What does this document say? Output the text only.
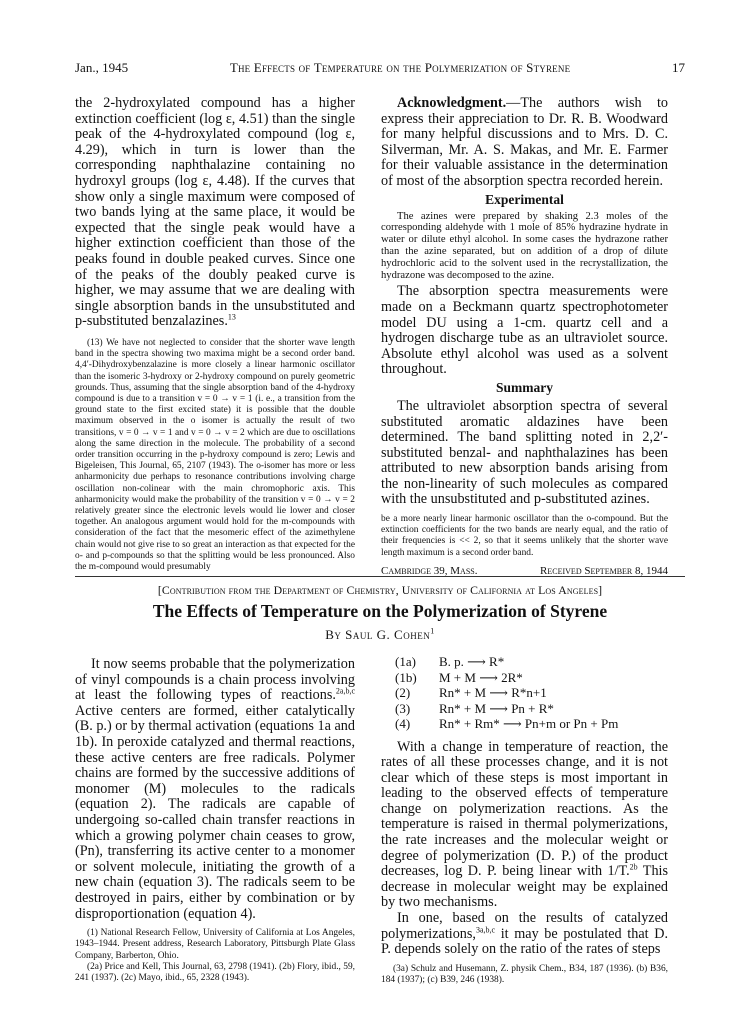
Jan., 1945	The Effects of Temperature on the Polymerization of Styrene	17

the 2-hydroxylated compound has a higher extinction coefficient (log ε, 4.51) than the single peak of the 4-hydroxylated compound (log ε, 4.29), which in turn is lower than the corresponding naphthalazine containing no hydroxyl groups (log ε, 4.48). If the curves that show only a single maximum were composed of two bands lying at the same place, it would be expected that the single peak would have a higher extinction coefficient than those of the peaks found in double peaked curves. Since one of the peaks of the doubly peaked curve is higher, we may assume that we are dealing with single absorption bands in the unsubstituted and p-substituted benzalazines.$^{13}$

(13) We have not neglected to consider that the shorter wave length band in the spectra showing two maxima might be a second order band. 4,4′-Dihydroxybenzalazine is more closely a linear harmonic oscillator than the isomeric 3-hydroxy or 2-hydroxy compound on purely geometric grounds. Thus, assuming that the single absorption band of the 4-hydroxy compound is due to a transition v = 0 → v = 1 (i. e., a transition from the ground state to the first excited state) it is possible that the double maximum observed in the o isomer is actually the result of two transitions, v = 0 → v = 1 and v = 0 → v = 2 which are due to oscillations along the same direction in the molecule. The probability of a second order transition occurring in the p-hydroxy compound is zero; Lewis and Bigeleisen, This Journal, 65, 2107 (1943). The o-isomer has more or less anharmonicity due perhaps to resonance contributions involving charge oscillation non-colinear with the main chromophoric axis. This anharmonicity would make the probability of the transition v = 0 → v = 2 relatively greater since the electronic levels would lie lower and closer together. An analogous argument would hold for the m-compounds with consideration of the fact that the mesomeric effect of the azimethylene chain would not give rise to so great an interaction as that expected for the o- and p-compounds so that the splitting would be less pronounced. Also the m-compound would presumably

Acknowledgment.—The authors wish to express their appreciation to Dr. R. B. Woodward for many helpful discussions and to Mrs. D. C. Silverman, Mr. A. S. Makas, and Mr. E. Farmer for their valuable assistance in the determination of most of the absorption spectra recorded herein.

Experimental

The azines were prepared by shaking 2.3 moles of the corresponding aldehyde with 1 mole of 85% hydrazine hydrate in water or dilute ethyl alcohol. In some cases the hydrazone rather than the azine separated, but on addition of a drop of dilute hydrochloric acid to the solvent used in the recrystallization, the hydrazone was decomposed to the azine.

The absorption spectra measurements were made on a Beckmann quartz spectrophotometer model DU using a 1-cm. quartz cell and a hydrogen discharge tube as an ultraviolet source. Absolute ethyl alcohol was used as a solvent throughout.

Summary

The ultraviolet absorption spectra of several substituted aromatic aldazines have been determined. The band splitting noted in 2,2′-substituted benzal- and naphthalazines has been attributed to new absorption bands arising from the non-linearity of such molecules as compared with the unsubstituted and p-substituted azines.

be a more nearly linear harmonic oscillator than the o-compound. But the extinction coefficients for the two bands are nearly equal, and the ratio of their frequencies is << 2, so that it seems unlikely that the shorter wave length maximum is a second order band.

Cambridge 39, Mass.	Received September 8, 1944
[Contribution from the Department of Chemistry, University of California at Los Angeles]
The Effects of Temperature on the Polymerization of Styrene
By Saul G. Cohen$^1$

It now seems probable that the polymerization of vinyl compounds is a chain process involving at least the following types of reactions.$^{2a,b,c}$ Active centers are formed, either catalytically (B. p.) or by thermal activation (equations 1a and 1b). In peroxide catalyzed and thermal reactions, these active centers are free radicals. Polymer chains are formed by the successive additions of monomer (M) molecules to the radicals (equation 2). The radicals are capable of undergoing so-called chain transfer reactions in which a growing polymer chain ceases to grow, (Pn), transferring its active center to a monomer or solvent molecule, initiating the growth of a new chain (equation 3). The radicals seem to be destroyed in pairs, either by combination or by disproportionation (equation 4).

(1) National Research Fellow, University of California at Los Angeles, 1943–1944. Present address, Research Laboratory, Pittsburgh Plate Glass Company, Barberton, Ohio.

(2a) Price and Kell, This Journal, 63, 2798 (1941). (2b) Flory, ibid., 59, 241 (1937). (2c) Mayo, ibid., 65, 2328 (1943).

(1a)	B. p. ⟶ R*
(1b)	M + M ⟶ 2R*
(2)	Rn* + M ⟶ R*n+1
(3)	Rn* + M ⟶ Pn + R*
(4)	Rn* + Rm* ⟶ Pn+m or Pn + Pm

With a change in temperature of reaction, the rates of all these processes change, and it is not clear which of these steps is most important in leading to the observed effects of temperature change on polymerization reactions. As the temperature is raised in thermal polymerizations, the rate increases and the molecular weight or degree of polymerization (D. P.) of the product decreases, log D. P. being linear with 1/T.$^{2b}$ This decrease in molecular weight may be explained by two mechanisms.

In one, based on the results of catalyzed polymerizations,$^{3a,b,c}$ it may be postulated that D. P. depends solely on the ratio of the rates of steps

(3a) Schulz and Husemann, Z. physik Chem., B34, 187 (1936). (b) B36, 184 (1937); (c) B39, 246 (1938).
